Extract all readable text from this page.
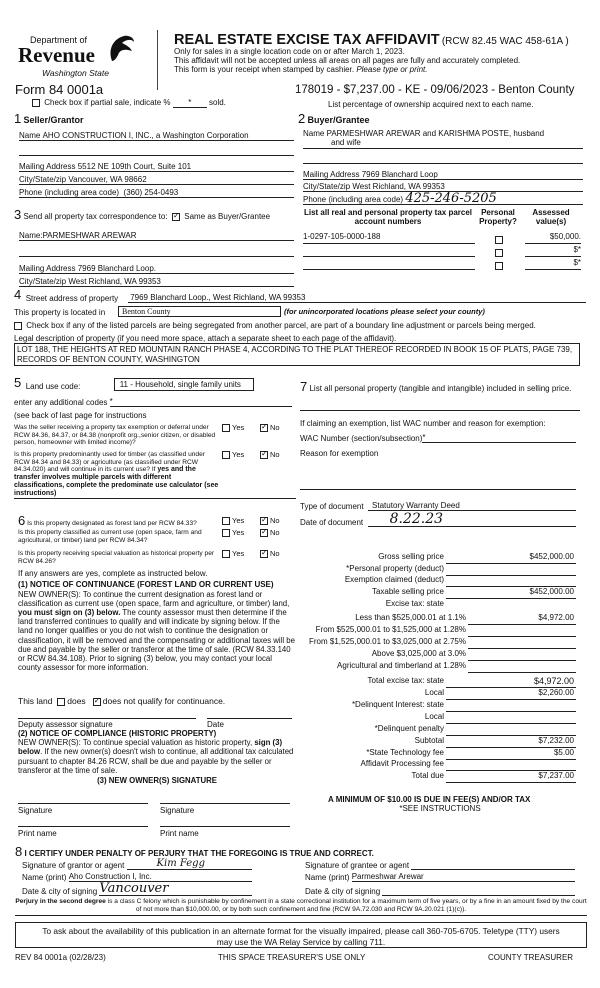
Department of
Revenue
Washington State
Form 84 0001a
REAL ESTATE EXCISE TAX AFFIDAVIT (RCW 82.45 WAC 458-61A )
Only for sales in a single location code on or after March 1, 2023.
This affidavit will not be accepted unless all areas on all pages are fully and accurately completed.
This form is your receipt when stamped by cashier. Please type or print.
178019 - $7,237.00 - KE - 09/06/2023 - Benton County
Check box if partial sale, indicate % * sold.	List percentage of ownership acquired next to each name.
1 Seller/Grantor
Name
AHO CONSTRUCTION I, INC., a Washington Corporation
Mailing Address
5512 NE 109th Court, Suite 101
City/State/zip
Vancouver, WA 98662
Phone (including area code)
(360) 254-0493
2 Buyer/Grantee
Name PARMESHWAR AREWAR and KARISHMA POSTE, husband
and wife
Mailing Address
7969 Blanchard Loop
City/State/zip
West Richland, WA 99353
Phone (including area code)
425-246-5205
List all real and personal property tax parcel account numbers
Personal Property?
Assessed value(s)
1-0297-105-0000-188	$50,000.
$*
$*
3 Send all property tax correspondence to: ✓ Same as Buyer/Grantee
Name: PARMESHWAR AREWAR
Mailing Address
7969 Blanchard Loop.
City/State/zip
West Richland, WA 99353
4
Street address of property 7969 Blanchard Loop., West Richland, WA 99353
This property is located in	Benton County	(for unincorporated locations please select your county)
Check box if any of the listed parcels are being segregated from another parcel, are part of a boundary line adjustment or parcels being merged.
Legal description of property (if you need more space, attach a separate sheet to each page of the affidavit).
LOT 188, THE HEIGHTS AT RED MOUNTAIN RANCH PHASE 4, ACCORDING TO THE PLAT THEREOF RECORDED IN BOOK 15 OF PLATS, PAGE 739, RECORDS OF BENTON COUNTY, WASHINGTON
5
Land use code:	11 - Household, single family units
enter any additional codes
*
(see back of last page for instructions
Was the seller receiving a property tax exemption or deferral under RCW 84.36, 84.37, or 84.38 (nonprofit org.,senior citizen, or disabled person, homeowner with limited income)?
Yes ✓	No
Is this property predominantly used for timber (as classified under RCW 84.34 and 84.33) or agriculture (as classified under RCW 84.34.020) and will continue in its current use? If yes and the transfer involves multiple parcels with different classifications, complete the predominate use calculator (see instructions)
Yes ✓	No
6 Is this property designated as forest land per RCW 84.33?	Yes ✓	No
Is this property classified as current use (open space, farm and agricultural, or timber) land per RCW 84.34?
Yes ✓	No
Is this property receiving special valuation as historical property per RCW 84.26?
Yes ✓	No
If any answers are yes, complete as instructed below.
(1) NOTICE OF CONTINUANCE (FOREST LAND OR CURRENT USE)
NEW OWNER(S): To continue the current designation as forest land or classification as current use (open space, farm and agriculture, or timber) land, you must sign on (3) below. The county assessor must then determine if the land transferred continues to qualify and will indicate by signing below. If the land no longer qualifies or you do not wish to continue the designation or classification, it will be removed and the compensating or additional taxes will be due and payable by the seller or transferor at the time of sale. (RCW 84.33.140 or RCW 84.34.108). Prior to signing (3) below, you may contact your local county assessor for more information.
This land does ✓ does not qualify for continuance.
Deputy assessor signature	Date
(2) NOTICE OF COMPLIANCE (HISTORIC PROPERTY)
NEW OWNER(S): To continue special valuation as historic property, sign (3) below. If the new owner(s) doesn't wish to continue, all additional tax calculated pursuant to chapter 84.26 RCW, shall be due and payable by the seller or transferor at the time of sale.
(3) NEW OWNER(S) SIGNATURE
Signature	Signature
Print name	Print name
7 List all personal property (tangible and intangible) included in selling price.
If claiming an exemption, list WAC number and reason for exemption:
WAC Number (section/subsection) *
Reason for exemption
Type of document
	Statutory Warranty Deed
Date of document
	8.22.23
Gross selling price	$452,000.00
*Personal property (deduct)
Exemption claimed (deduct)
Taxable selling price	$452,000.00
Excise tax: state
Less than $525,000.01 at 1.1%	$4,972.00
From $525,000.01 to $1,525,000 at 1.28%
From $1,525,000.01 to $3,025,000 at 2.75%
Above $3,025,000 at 3.0%
Agricultural and timberland at 1.28%
Total excise tax: state	$4,972.00
Local	$2,260.00
*Delinquent Interest: state
Local
*Delinquent penalty
Subtotal	$7,232.00
*State Technology fee	$5.00
Affidavit Processing fee
Total due	$7,237.00
A MINIMUM OF $10.00 IS DUE IN FEE(S) AND/OR TAX
*SEE INSTRUCTIONS
8 I CERTIFY UNDER PENALTY OF PERJURY THAT THE FOREGOING IS TRUE AND CORRECT.
Signature of grantor or agent
	Kim Fegg
Name (print)
Aho Construction I, Inc.
Date & city of signing
Vancouver
Signature of grantee or agent

Name (print)
Parmeshwar Arewar
Date & city of signing

Perjury in the second degree is a class C felony which is punishable by confinement in a state correctional institution for a maximum term of five years, or by a fine in an amount fixed by the court of not more than $10,000.00, or by both such confinement and fine (RCW 9A.72.030 and RCW 9A.20.021 (1)(c)).
To ask about the availability of this publication in an alternate format for the visually impaired, please call 360-705-6705. Teletype (TTY) users may use the WA Relay Service by calling 711.
REV 84 0001a (02/28/23)	THIS SPACE TREASURER'S USE ONLY	COUNTY TREASURER
